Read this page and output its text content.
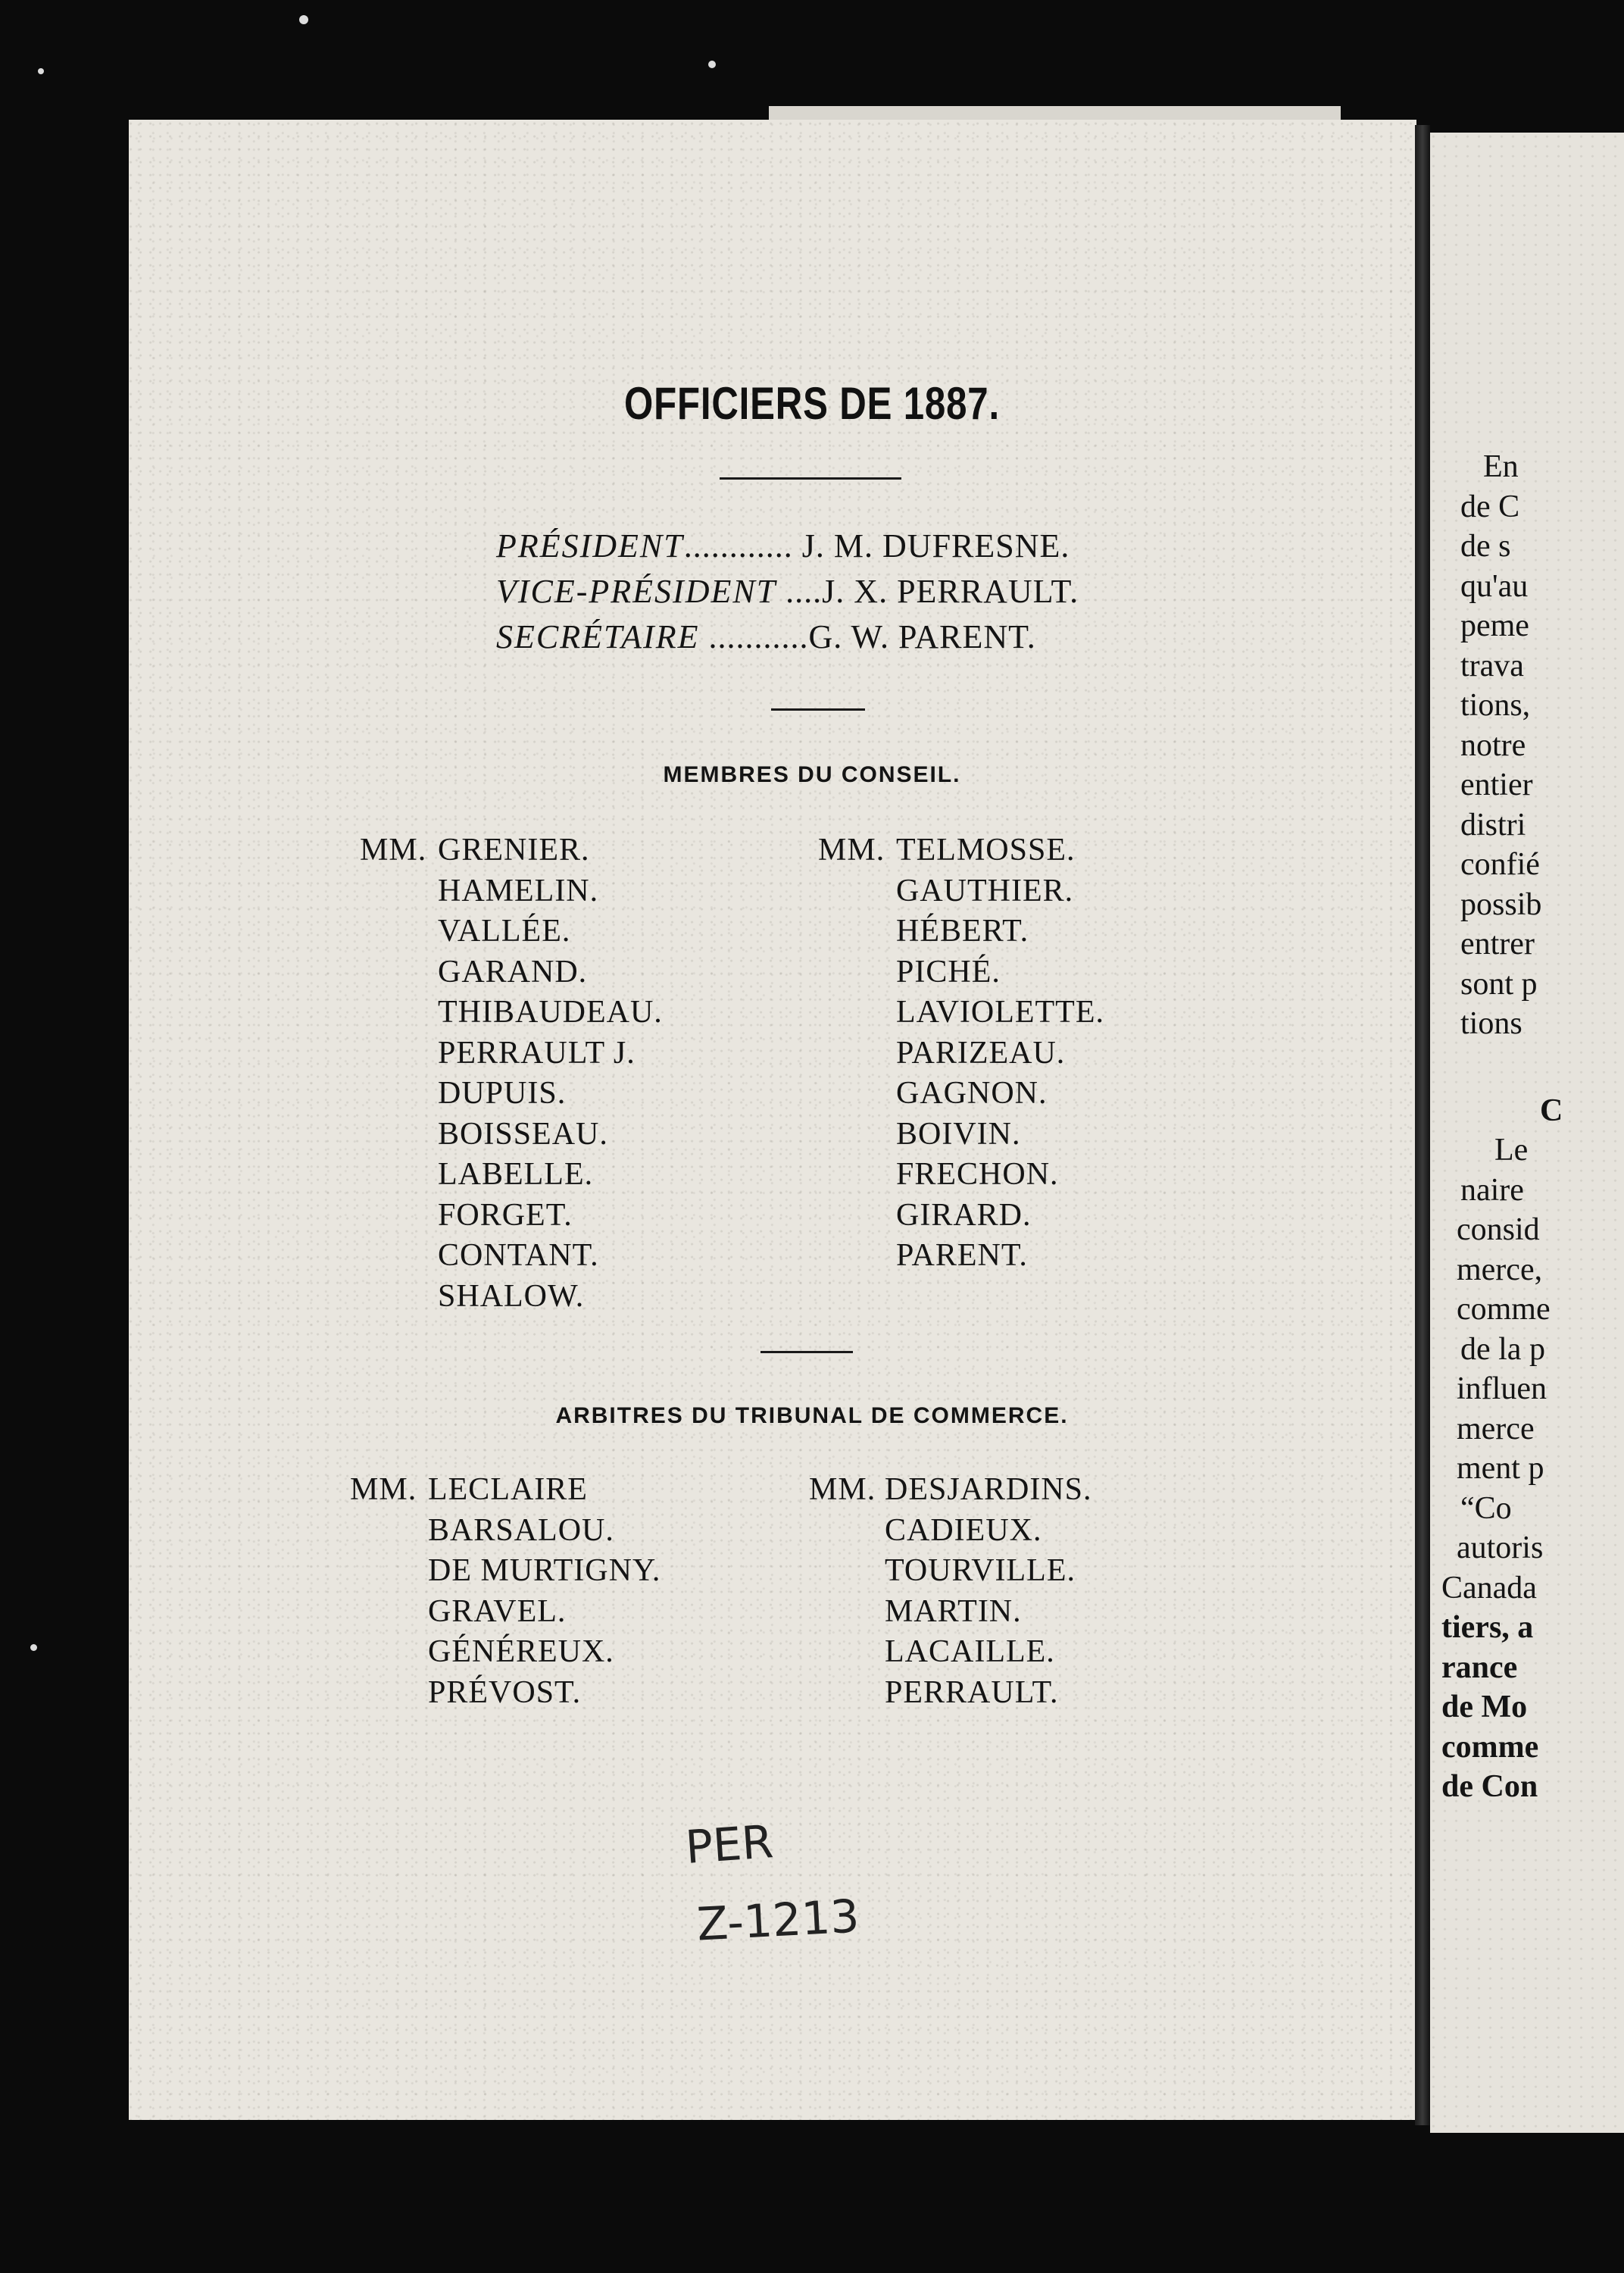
En
de C
de s
qu'au
peme
trava
tions,
notre
entier
distri
confié
possib
entrer
sont p
tions
C
Le
naire
consid
merce,
comme
de la p
influen
merce
ment p
“Co
autoris
Canada
tiers, a
rance
de Mo
comme
de Con
OFFICIERS DE 1887.
PRÉSIDENT............ J. M. DUFRESNE.
VICE-PRÉSIDENT ....J. X. PERRAULT.
SECRÉTAIRE ...........G. W. PARENT.
MEMBRES DU CONSEIL.
MM. GRENIER.
HAMELIN.
VALLÉE.
GARAND.
THIBAUDEAU.
PERRAULT J.
DUPUIS.
BOISSEAU.
LABELLE.
FORGET.
CONTANT.
SHALOW.
MM. TELMOSSE.
GAUTHIER.
HÉBERT.
PICHÉ.
LAVIOLETTE.
PARIZEAU.
GAGNON.
BOIVIN.
FRECHON.
GIRARD.
PARENT.
ARBITRES DU TRIBUNAL DE COMMERCE.
MM. LECLAIRE
BARSALOU.
DE MURTIGNY.
GRAVEL.
GÉNÉREUX.
PRÉVOST.
MM. DESJARDINS.
CADIEUX.
TOURVILLE.
MARTIN.
LACAILLE.
PERRAULT.
PER
Z-1213
